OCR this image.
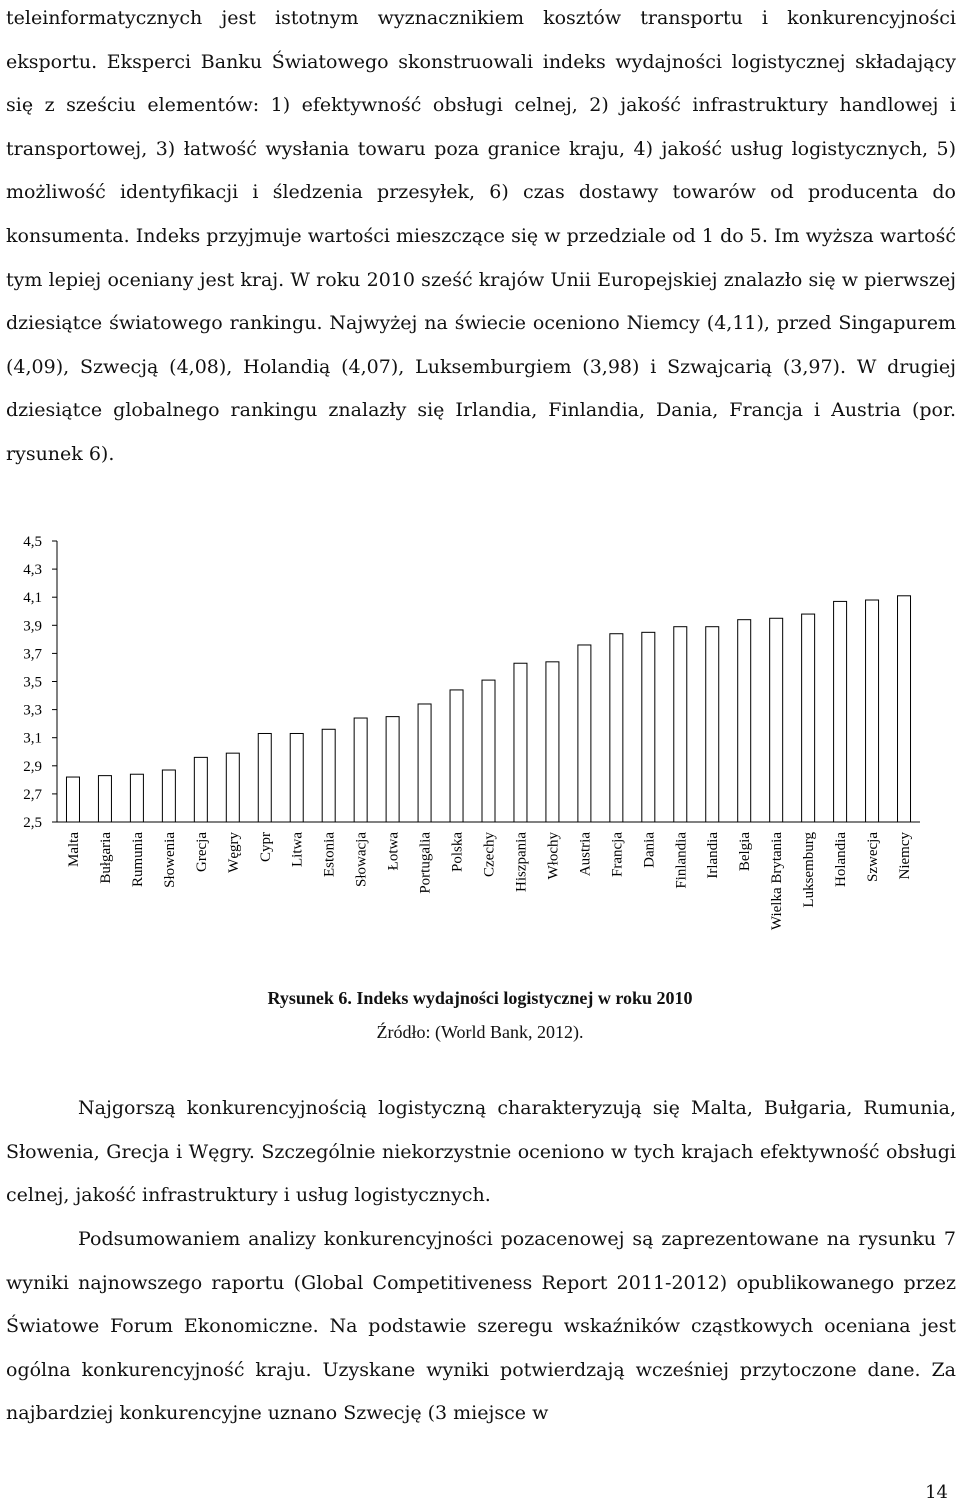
teleinformatycznych jest istotnym wyznacznikiem kosztów transportu i konkurencyjności eksportu. Eksperci Banku Światowego skonstruowali indeks wydajności logistycznej składający się z sześciu elementów: 1) efektywność obsługi celnej, 2) jakość infrastruktury handlowej i transportowej, 3) łatwość wysłania towaru poza granice kraju, 4) jakość usług logistycznych, 5) możliwość identyfikacji i śledzenia przesyłek, 6) czas dostawy towarów od producenta do konsumenta. Indeks przyjmuje wartości mieszczące się w przedziale od 1 do 5. Im wyższa wartość tym lepiej oceniany jest kraj. W roku 2010 sześć krajów Unii Europejskiej znalazło się w pierwszej dziesiątce światowego rankingu. Najwyżej na świecie oceniono Niemcy (4,11), przed Singapurem (4,09), Szwecją (4,08), Holandią (4,07), Luksemburgiem (3,98) i Szwajcarią (3,97). W drugiej dziesiątce globalnego rankingu znalazły się Irlandia, Finlandia, Dania, Francja i Austria (por. rysunek 6).

2,5
2,7
2,9
3,1
3,3
3,5
3,7
3,9
4,1
4,3
4,5
Malta Bułgaria Rumunia Słowenia Grecja Węgry Cypr Litwa Estonia Słowacja Łotwa Portugalia Polska Czechy Hiszpania Włochy Austria Francja Dania Finlandia Irlandia Belgia Wielka Brytania Luksemburg Holandia Szwecja Niemcy
Rysunek 6. Indeks wydajności logistycznej w roku 2010
Źródło: (World Bank, 2012).

Najgorszą konkurencyjnością logistyczną charakteryzują się Malta, Bułgaria, Rumunia, Słowenia, Grecja i Węgry. Szczególnie niekorzystnie oceniono w tych krajach efektywność obsługi celnej, jakość infrastruktury i usług logistycznych.

Podsumowaniem analizy konkurencyjności pozacenowej są zaprezentowane na rysunku 7 wyniki najnowszego raportu (Global Competitiveness Report 2011-2012) opublikowanego przez Światowe Forum Ekonomiczne. Na podstawie szeregu wskaźników cząstkowych oceniana jest ogólna konkurencyjność kraju. Uzyskane wyniki potwierdzają wcześniej przytoczone dane. Za najbardziej konkurencyjne uznano Szwecję (3 miejsce w

14
